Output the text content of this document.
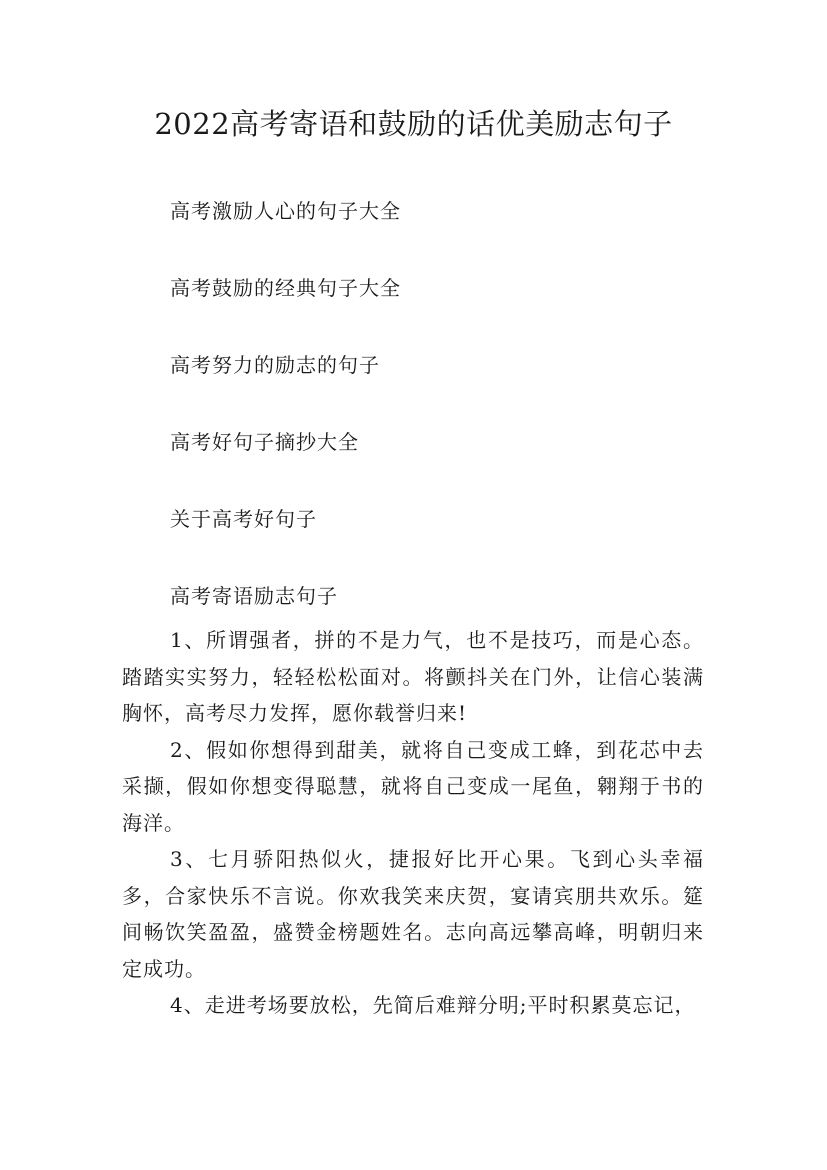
2022高考寄语和鼓励的话优美励志句子
高考激励人心的句子大全
高考鼓励的经典句子大全
高考努力的励志的句子
高考好句子摘抄大全
关于高考好句子
高考寄语励志句子

1、所谓强者，拼的不是力气，也不是技巧，而是心态。踏踏实实努力，轻轻松松面对。将颤抖关在门外，让信心装满胸怀，高考尽力发挥，愿你载誉归来!

2、假如你想得到甜美，就将自己变成工蜂，到花芯中去采撷，假如你想变得聪慧，就将自己变成一尾鱼，翱翔于书的海洋。

3、七月骄阳热似火，捷报好比开心果。飞到心头幸福多，合家快乐不言说。你欢我笑来庆贺，宴请宾朋共欢乐。筵间畅饮笑盈盈，盛赞金榜题姓名。志向高远攀高峰，明朝归来定成功。

4、走进考场要放松，先简后难辩分明;平时积累莫忘记，
